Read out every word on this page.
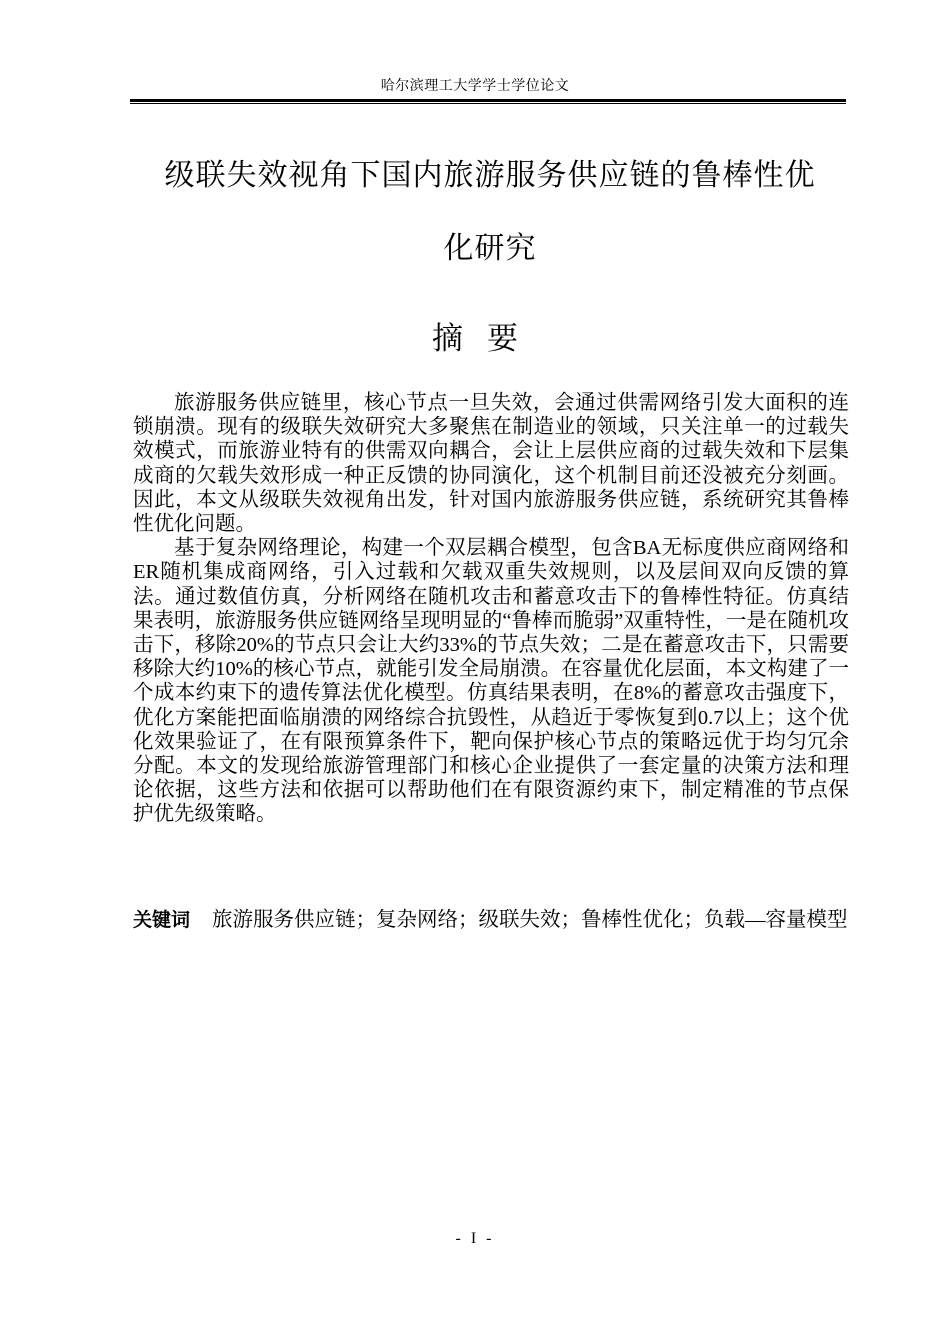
哈尔滨理工大学学士学位论文
级联失效视角下国内旅游服务供应链的鲁棒性优
化研究
摘要

旅游服务供应链里，核心节点一旦失效，会通过供需网络引发大面积的连锁崩溃。现有的级联失效研究大多聚焦在制造业的领域，只关注单一的过载失效模式，而旅游业特有的供需双向耦合，会让上层供应商的过载失效和下层集成商的欠载失效形成一种正反馈的协同演化，这个机制目前还没被充分刻画。因此，本文从级联失效视角出发，针对国内旅游服务供应链，系统研究其鲁棒性优化问题。

基于复杂网络理论，构建一个双层耦合模型，包含BA无标度供应商网络和ER随机集成商网络，引入过载和欠载双重失效规则，以及层间双向反馈的算法。通过数值仿真，分析网络在随机攻击和蓄意攻击下的鲁棒性特征。仿真结果表明，旅游服务供应链网络呈现明显的“鲁棒而脆弱”双重特性，一是在随机攻击下，移除20%的节点只会让大约33%的节点失效；二是在蓄意攻击下，只需要移除大约10%的核心节点，就能引发全局崩溃。在容量优化层面，本文构建了一个成本约束下的遗传算法优化模型。仿真结果表明，在8%的蓄意攻击强度下，优化方案能把面临崩溃的网络综合抗毁性，从趋近于零恢复到0.7以上；这个优化效果验证了，在有限预算条件下，靶向保护核心节点的策略远优于均匀冗余分配。本文的发现给旅游管理部门和核心企业提供了一套定量的决策方法和理论依据，这些方法和依据可以帮助他们在有限资源约束下，制定精准的节点保护优先级策略。

关键词 旅游服务供应链；复杂网络；级联失效；鲁棒性优化；负载—容量模型
- I -
